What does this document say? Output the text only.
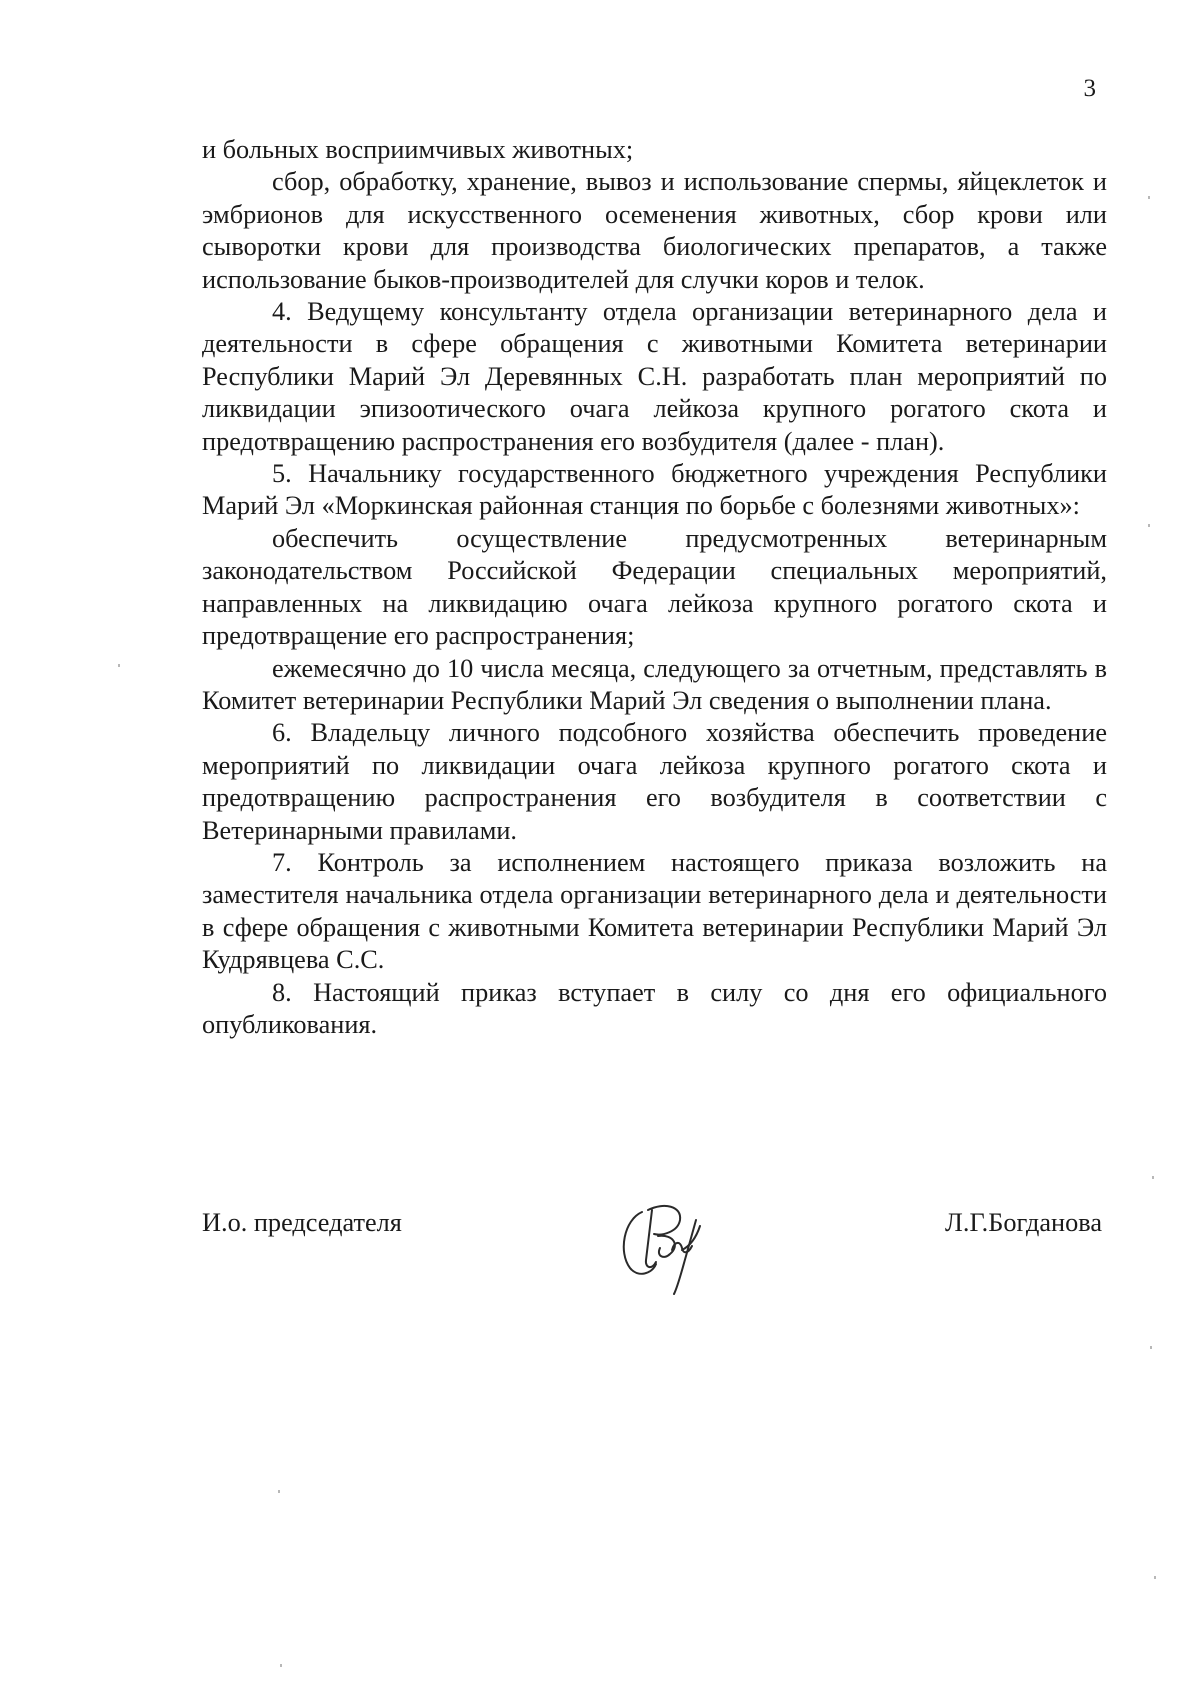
3

и больных восприимчивых животных;

сбор, обработку, хранение, вывоз и использование спермы, яйцеклеток и эмбрионов для искусственного осеменения животных, сбор крови или сыворотки крови для производства биологических препаратов, а также использование быков-производителей для случки коров и телок.

4. Ведущему консультанту отдела организации ветеринарного дела и деятельности в сфере обращения с животными Комитета ветеринарии Республики Марий Эл Деревянных С.Н. разработать план мероприятий по ликвидации эпизоотического очага лейкоза крупного рогатого скота и предотвращению распространения его возбудителя (далее - план).

5. Начальнику государственного бюджетного учреждения Республики Марий Эл «Моркинская районная станция по борьбе с болезнями животных»:

обеспечить осуществление предусмотренных ветеринарным законодательством Российской Федерации специальных мероприятий, направленных на ликвидацию очага лейкоза крупного рогатого скота и предотвращение его распространения;

ежемесячно до 10 числа месяца, следующего за отчетным, представлять в Комитет ветеринарии Республики Марий Эл сведения о выполнении плана.

6. Владельцу личного подсобного хозяйства обеспечить проведение мероприятий по ликвидации очага лейкоза крупного рогатого скота и предотвращению распространения его возбудителя в соответствии с Ветеринарными правилами.

7. Контроль за исполнением настоящего приказа возложить на заместителя начальника отдела организации ветеринарного дела и деятельности в сфере обращения с животными Комитета ветеринарии Республики Марий Эл Кудрявцева С.С.

8. Настоящий приказ вступает в силу со дня его официального опубликования.

И.о. председателя	Л.Г.Богданова
